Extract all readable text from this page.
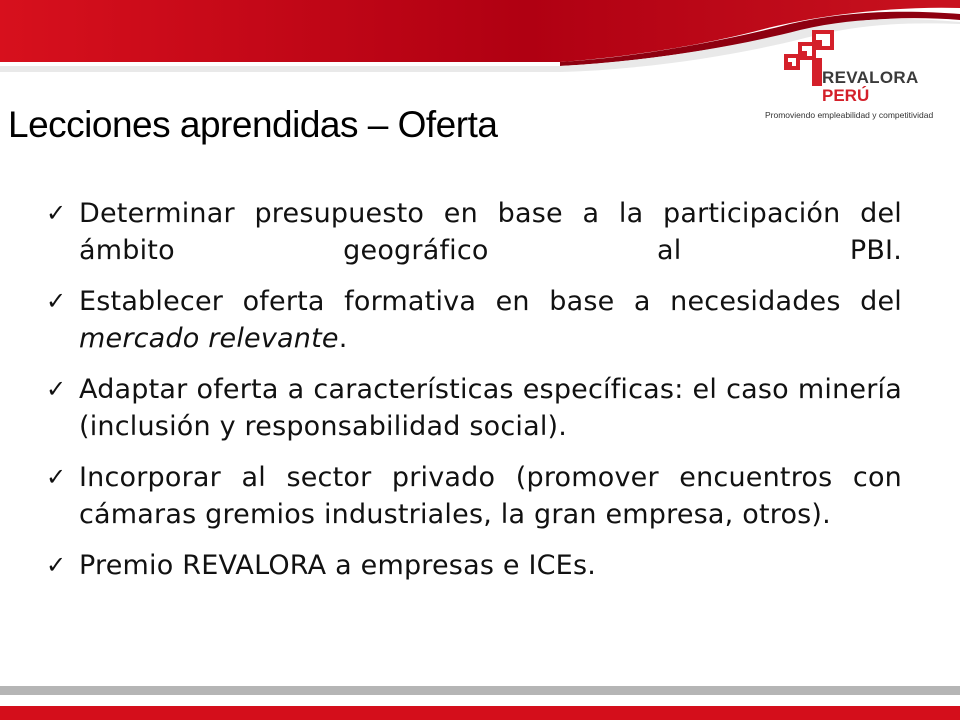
REVALORA
PERÚ
Promoviendo empleabilidad y competitividad
Lecciones aprendidas – Oferta
✓ Determinar presupuesto en base a la participación del ámbito geográfico al PBI.
✓ Establecer oferta formativa en base a necesidades del mercado relevante.
✓ Adaptar oferta a características específicas: el caso minería (inclusión y responsabilidad social).
✓ Incorporar al sector privado (promover encuentros con cámaras gremios industriales, la gran empresa, otros).
✓ Premio REVALORA a empresas e ICEs.
